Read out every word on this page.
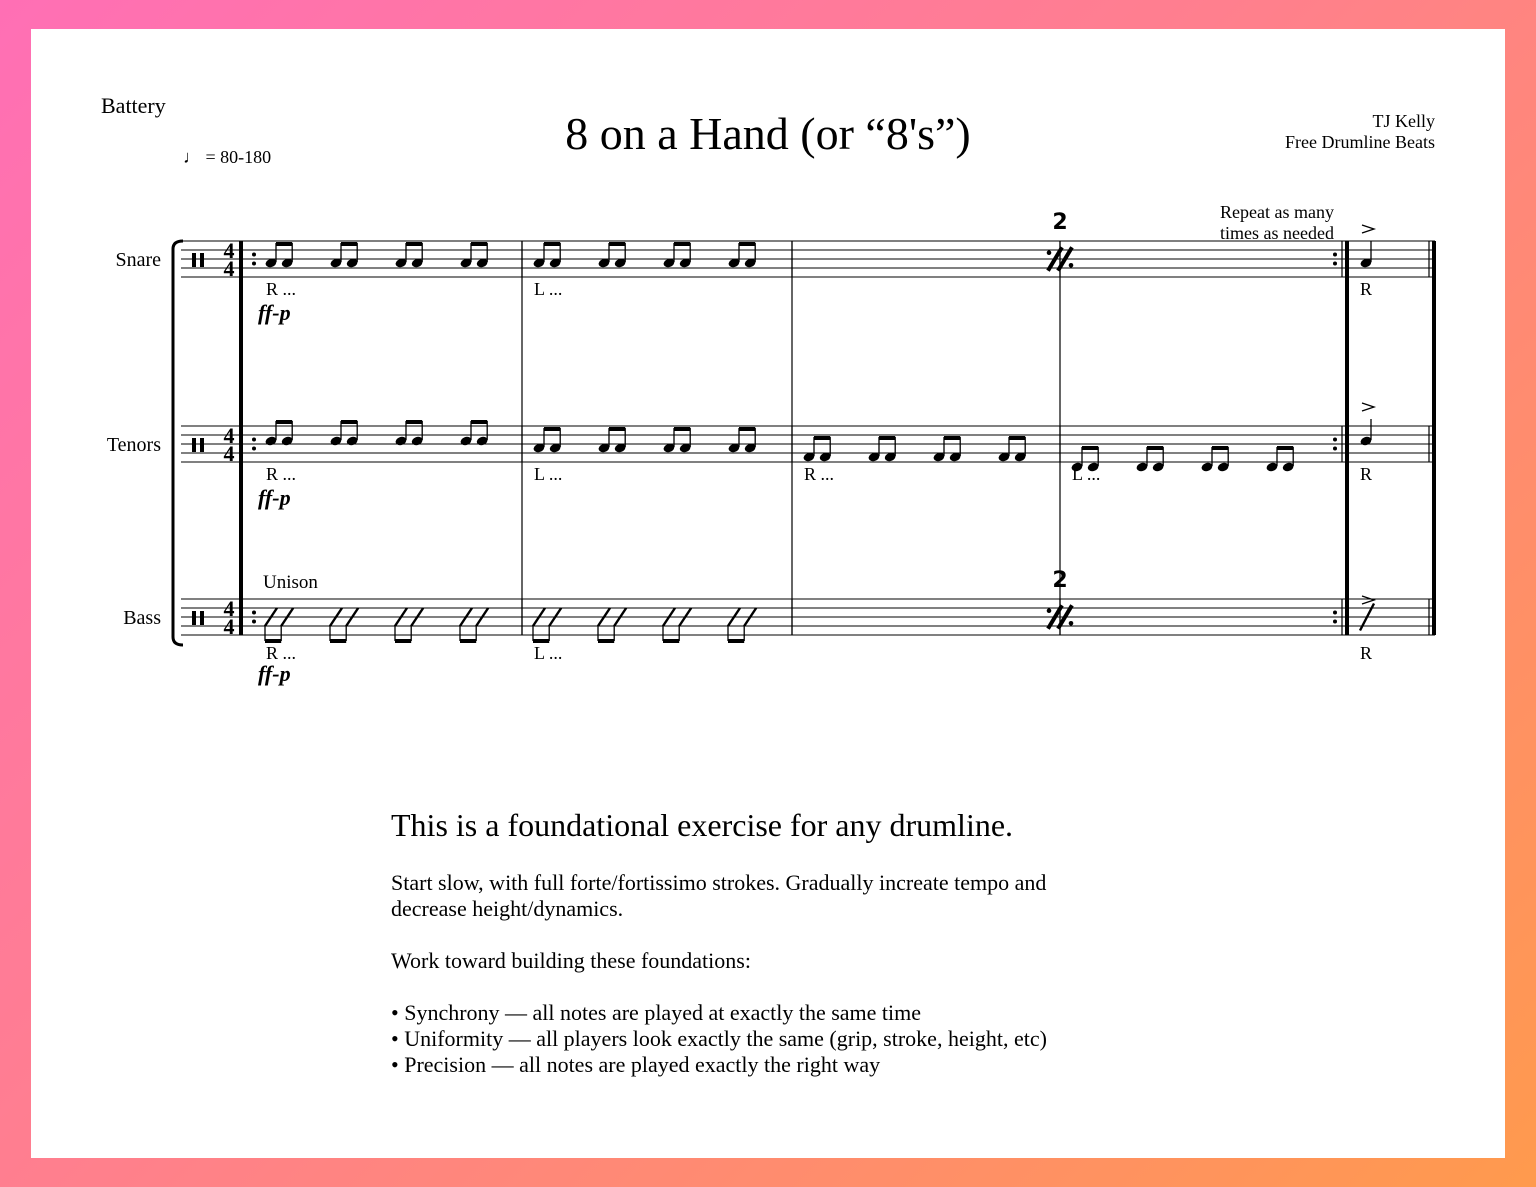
Battery
♩ = 80-180	8 on a Hand (or “8's”)	TJ Kelly
Free Drumline Beats
Snare	4
4
R ...
ff-p
L ...
2
R
Tenors	4
4
R ...
ff-p
L ...	R ...	L ...	R
Bass	4
4
R ...
ff-p
L ...
2
R
Repeat as many
times as needed
Unison

This is a foundational exercise for any drumline.

Start slow, with full forte/fortissimo strokes. Gradually increate tempo and
decrease height/dynamics.

Work toward building these foundations:

• Synchrony — all notes are played at exactly the same time
• Uniformity — all players look exactly the same (grip, stroke, height, etc)
• Precision — all notes are played exactly the right way
